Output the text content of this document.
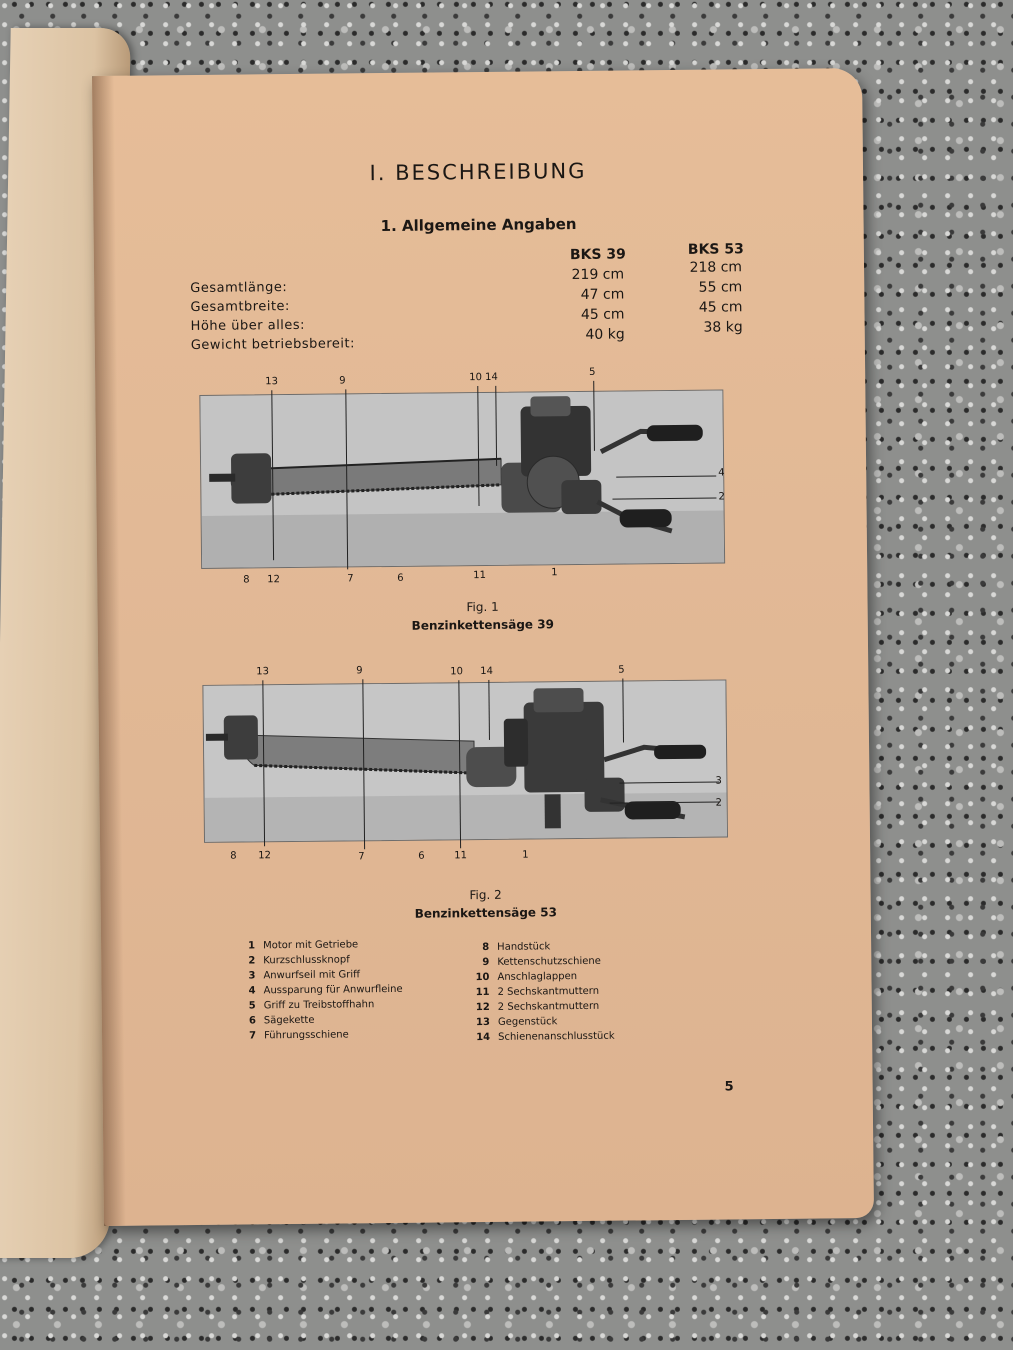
I. BESCHREIBUNG
1. Allgemeine Angaben
BKS 39	BKS 53
Gesamtlänge:
219 cm	218 cm
Gesamtbreite:
47 cm	55 cm
Höhe über alles:
45 cm	45 cm
Gewicht betriebsbereit:
40 kg	38 kg
13	9	10 14	5
4
2
8 12	7	6	11	1
Fig. 1
Benzinkettensäge 39
13	9	10 14	5
3
2
8 12	7	6	11	1
Fig. 2
Benzinkettensäge 53
1 Motor mit Getriebe
2 Kurzschlussknopf
3 Anwurfseil mit Griff
4 Aussparung für Anwurfleine
5 Griff zu Treibstoffhahn
6 Sägekette
7 Führungsschiene
8 Handstück
9 Kettenschutzschiene
10 Anschlaglappen
11 2 Sechskantmuttern
12 2 Sechskantmuttern
13 Gegenstück
14 Schienenanschlusstück
5
